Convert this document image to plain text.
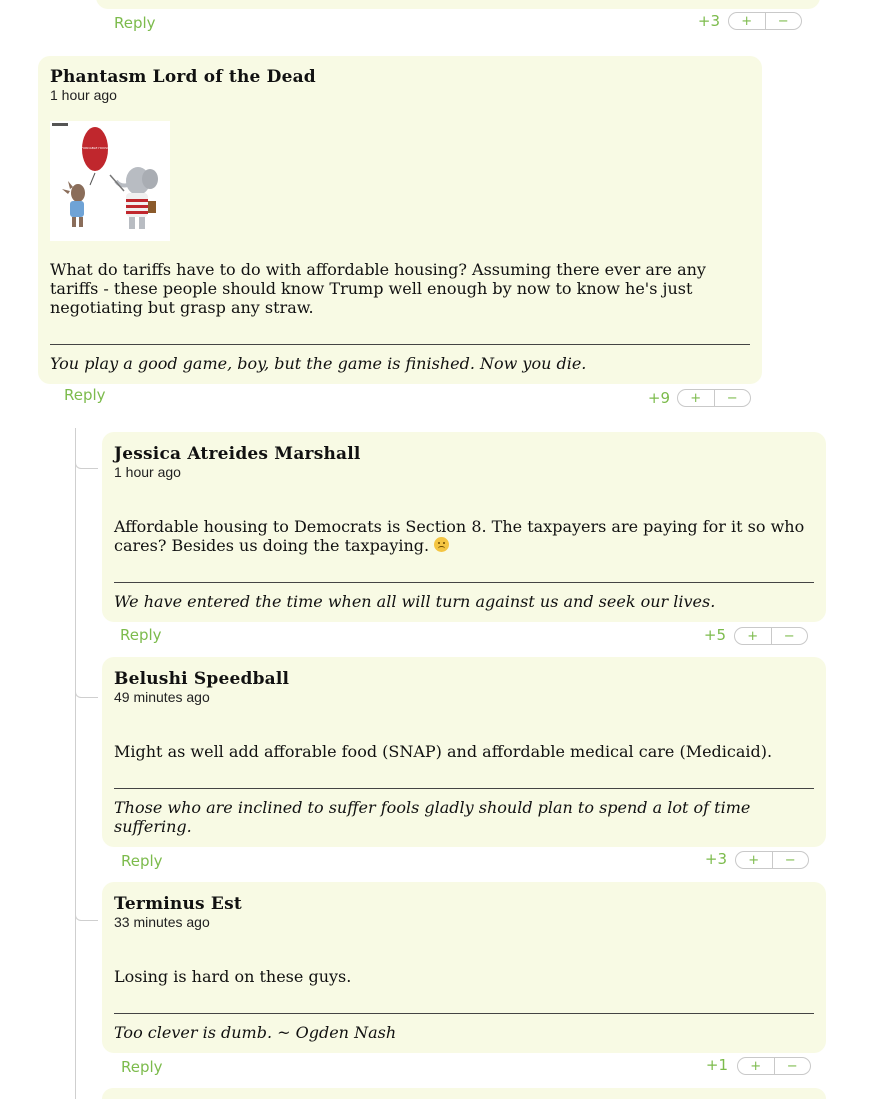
Reply	+3	+	−
Phantasm Lord of the Dead
1 hour ago
AFFORDABLE HOUSING
What do tariffs have to do with affordable housing? Assuming there ever are any tariffs - these people should know Trump well enough by now to know he's just negotiating but grasp any straw.
You play a good game, boy, but the game is finished. Now you die.
Reply	+9	+	−
Jessica Atreides Marshall
1 hour ago
Affordable housing to Democrats is Section 8. The taxpayers are paying for it so who cares? Besides us doing the taxpaying.
We have entered the time when all will turn against us and seek our lives.
Reply	+5	+	−
Belushi Speedball
49 minutes ago
Might as well add afforable food (SNAP) and affordable medical care (Medicaid).
Those who are inclined to suffer fools gladly should plan to spend a lot of time suffering.
Reply	+3	+	−
Terminus Est
33 minutes ago
Losing is hard on these guys.
Too clever is dumb. ~ Ogden Nash
Reply	+1	+	−
